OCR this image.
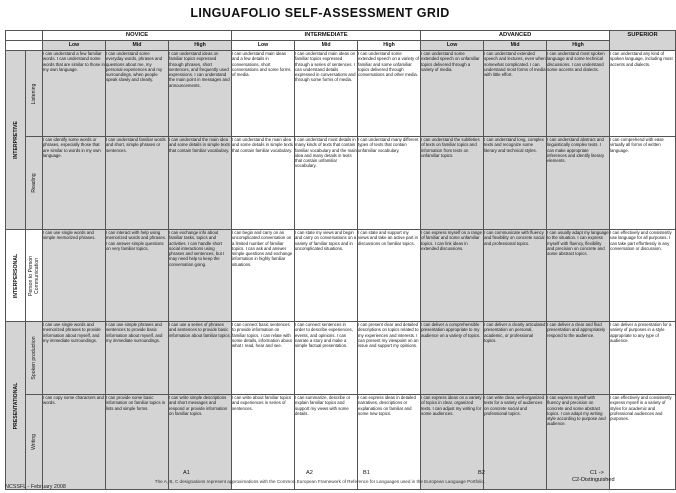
LINGUAFOLIO SELF-ASSESSMENT GRID
		NOVICE			INTERMEDIATE			ADVANCED			SUPERIOR
		Low	Mid	High	Low	Mid	High	Low	Mid	High	

INTERPRETIVE	Listening	I can understand a few familiar words. I can understand some words that are similar to those in my own language.	I can understand some everyday words, phrases and questions about me, my personal experiences and my surroundings, when people speak slowly and clearly.	I can understand ideas on familiar topics expressed through phrases, short sentences, and frequently used expressions. I can understand the main point in messages and announcements.	I can understand main ideas and a few details in conversations, short conversations and some forms of media.	I can understand main ideas on familiar topics expressed through a series of sentences. I can understand details expressed in conversations and through some forms of media.	I can understand some extended speech on a variety of familiar and some unfamiliar topics delivered through conversations and other media.	I can understand some extended speech on unfamiliar topics delivered through a variety of media.	I can understand extended speech and lectures, even when somewhat complicated. I can understand most forms of media with little effort.	I can understand most spoken language and some technical discussions. I can understand some accents and dialects.	I can understand any kind of spoken language, including most accents and dialects.

	Reading	I can identify some words or phrases, especially those that are similar to words in my own language.	I can understand familiar words and short, simple phrases or sentences.	I can understand the main idea and some details in simple texts that contain familiar vocabulary.	I can understand the main idea and some details in simple texts that contain familiar vocabulary.	I can understand most details in many kinds of texts that contain familiar vocabulary and the main idea and many details in texts that contain unfamiliar vocabulary.	I can understand many different types of texts that contain unfamiliar vocabulary.	I can understand the subtleties of texts on familiar topics and information from texts on unfamiliar topics.	I can understand long, complex texts and recognize some literary and technical styles.	I can understand abstract and linguistically complex texts. I can make appropriate inferences and identify literary elements.	I can comprehend with ease virtually all forms of written language.

INTERPERSONAL	Person to Person Communication	I can use single words and simple memorized phrases.	I can interact with help using memorized words and phrases. I can answer simple questions on very familiar topics.	I can exchange info about familiar tasks, topics and activities. I can handle short social interactions using phrases and sentences, but I may need help to keep the conversation going.	I can begin and carry on an uncomplicated conversation on a limited number of familiar topics. I can ask and answer simple questions and exchange information in highly familiar situations.	I can state my views and begin and carry on conversations on a variety of familiar topics and in uncomplicated situations.	I can state and support my views and take an active part in discussions on familiar topics.	I can express myself on a range of familiar and some unfamiliar topics. I can link ideas in extended discussions.	I can communicate with fluency and flexibility on concrete social and professional topics.	I can usually adapt my language to the situation. I can express myself with fluency, flexibility and precision on concrete and some abstract topics.	I can effectively and consistently use language for all purposes. I can take part effortlessly in any conversation or discussion.

PRESENTATIONAL	Spoken production	I can use single words and memorized phrases to provide information about myself, and my immediate surroundings.	I can use simple phrases and sentences to provide basic information about myself, and my immediate surroundings.	I can use a series of phrases and sentences to provide basic information about familiar topics.	I can connect basic sentences to provide information on familiar topics. I can relate with some details, information about what I read, hear and see.	I can connect sentences in order to describe experiences, events, and opinions. I can narrate a story and make a simple factual presentation.	I can present clear and detailed descriptions on topics related to my experiences and interests. I can present my viewpoint on an issue and support my opinions.	I can deliver a comprehensible presentation appropriate to my audience on a variety of topics.	I can deliver a clearly articulated presentation on personal, academic, or professional topics.	I can deliver a clear and fluid presentation and appropriately respond to the audience.	I can deliver a presentation for a variety of purposes in a style appropriate to any type of audience.

	Writing	I can copy some characters and words.	I can provide some basic information on familiar topics in lists and simple forms.	I can write simple descriptions and short messages and respond or provide information on familiar topics.	I can write about familiar topics and experiences in series of sentences.	I can summarize, describe or explain familiar topics and support my views with some details.	I can express ideas in detailed narratives, descriptions or explanations on familiar and some new topics.	I can express ideas on a variety of topics in clear, organized texts. I can adjust my writing for some audiences.	I can write clear, well-organized texts for a variety of audiences on concrete social and professional topics.	I can express myself with fluency and precision on concrete and some abstract topics. I can adapt my writing style according to purpose and audience.	I can effectively and consistently express myself in a variety of styles for academic and professional audiences and purposes.
A1	A2	B1	B2	C1 ->
C2-Distinguished
The A, B, C designations represent approximations with the Common European Framework of Reference for Languages used in the European Language Portfolio.
NCSSFL - February 2008
